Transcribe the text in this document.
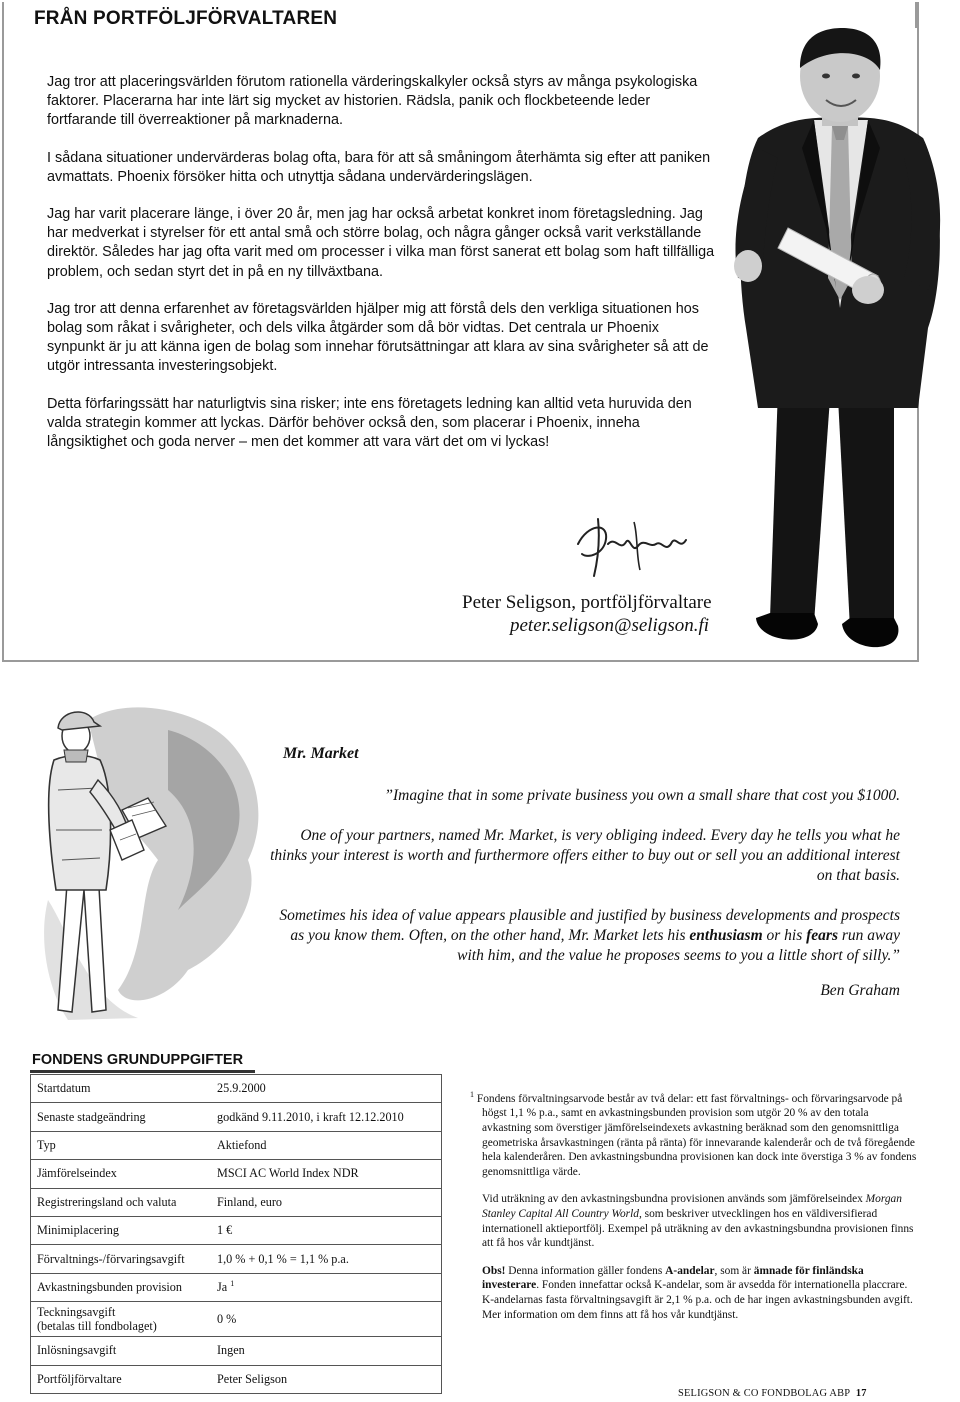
FRÅN PORTFÖLJFÖRVALTAREN

Jag tror att placeringsvärlden förutom rationella värderingskalkyler också styrs av många psykologiska faktorer. Placerarna har inte lärt sig mycket av historien. Rädsla, panik och flockbeteende leder fortfarande till överreaktioner på marknaderna.

I sådana situationer undervärderas bolag ofta, bara för att så småningom återhämta sig efter att paniken avmattats. Phoenix försöker hitta och utnyttja sådana undervärderingslägen.

Jag har varit placerare länge, i över 20 år, men jag har också arbetat konkret inom företagsledning. Jag har medverkat i styrelser för ett antal små och större bolag, och några gånger också varit verkställande direktör. Således har jag ofta varit med om processer i vilka man först sanerat ett bolag som haft tillfälliga problem, och sedan styrt det in på en ny tillväxtbana.

Jag tror att denna erfarenhet av företagsvärlden hjälper mig att förstå dels den verkliga situationen hos bolag som råkat i svårigheter, och dels vilka åtgärder som då bör vidtas. Det centrala ur Phoenix synpunkt är ju att känna igen de bolag som innehar förutsättningar att klara av sina svårigheter så att de utgör intressanta investeringsobjekt.

Detta förfaringssätt har naturligtvis sina risker; inte ens företagets ledning kan alltid veta huruvida den valda strategin kommer att lyckas. Därför behöver också den, som placerar i Phoenix, inneha långsiktighet och goda nerver – men det kommer att vara värt det om vi lyckas!

Peter Seligson, portföljförvaltare
peter.seligson@seligson.fi
Mr. Market

”Imagine that in some private business you own a small share that cost you $1000.

One of your partners, named Mr. Market, is very obliging indeed. Every day he tells you what he thinks your interest is worth and furthermore offers either to buy out or sell you an additional interest on that basis.

Sometimes his idea of value appears plausible and justified by business developments and prospects as you know them. Often, on the other hand, Mr. Market lets his enthusiasm or his fears run away with him, and the value he proposes seems to you a little short of silly.”

Ben Graham
FONDENS GRUNDUPPGIFTER
Startdatum	25.9.2000
Senaste stadgeändring	godkänd 9.11.2010, i kraft 12.12.2010
Typ	Aktiefond
Jämförelseindex	MSCI AC World Index NDR
Registreringsland och valuta	Finland, euro
Minimiplacering	1 €
Förvaltnings-/förvaringsavgift	1,0 % + 0,1 % = 1,1 % p.a.
Avkastningsbunden provision	Ja $^1$
Teckningsavgift
(betalas till fondbolaget)	0 %
Inlösningsavgift	Ingen
Portföljförvaltare	Peter Seligson

$^1$ Fondens förvaltningsarvode består av två delar: ett fast förvaltnings- och förvaringsarvode på högst 1,1 % p.a., samt en avkastningsbunden provision som utgör 20 % av den totala avkastning som överstiger jämförelseindexets avkastning beräknad som den genomsnittliga geometriska årsavkastningen (ränta på ränta) för innevarande kalenderår och de två föregående hela kalenderåren. Den avkastningsbundna provisionen kan dock inte överstiga 3 % av fondens genomsnittliga värde.

Vid uträkning av den avkastningsbundna provisionen används som jämförelseindex Morgan Stanley Capital All Country World, som beskriver utvecklingen hos en väldiversifierad internationell aktieportfölj. Exempel på uträkning av den avkastningsbundna provisionen finns att få hos vår kundtjänst.

Obs! Denna information gäller fondens A-andelar, som är ämnade för finländska investerare. Fonden innefattar också K-andelar, som är avsedda för internationella placcrare. K-andelarnas fasta förvaltningsavgift är 2,1 % p.a. och de har ingen avkastningsbunden avgift. Mer information om dem finns att få hos vår kundtjänst.

SELIGSON & CO FONDBOLAG ABP 17
